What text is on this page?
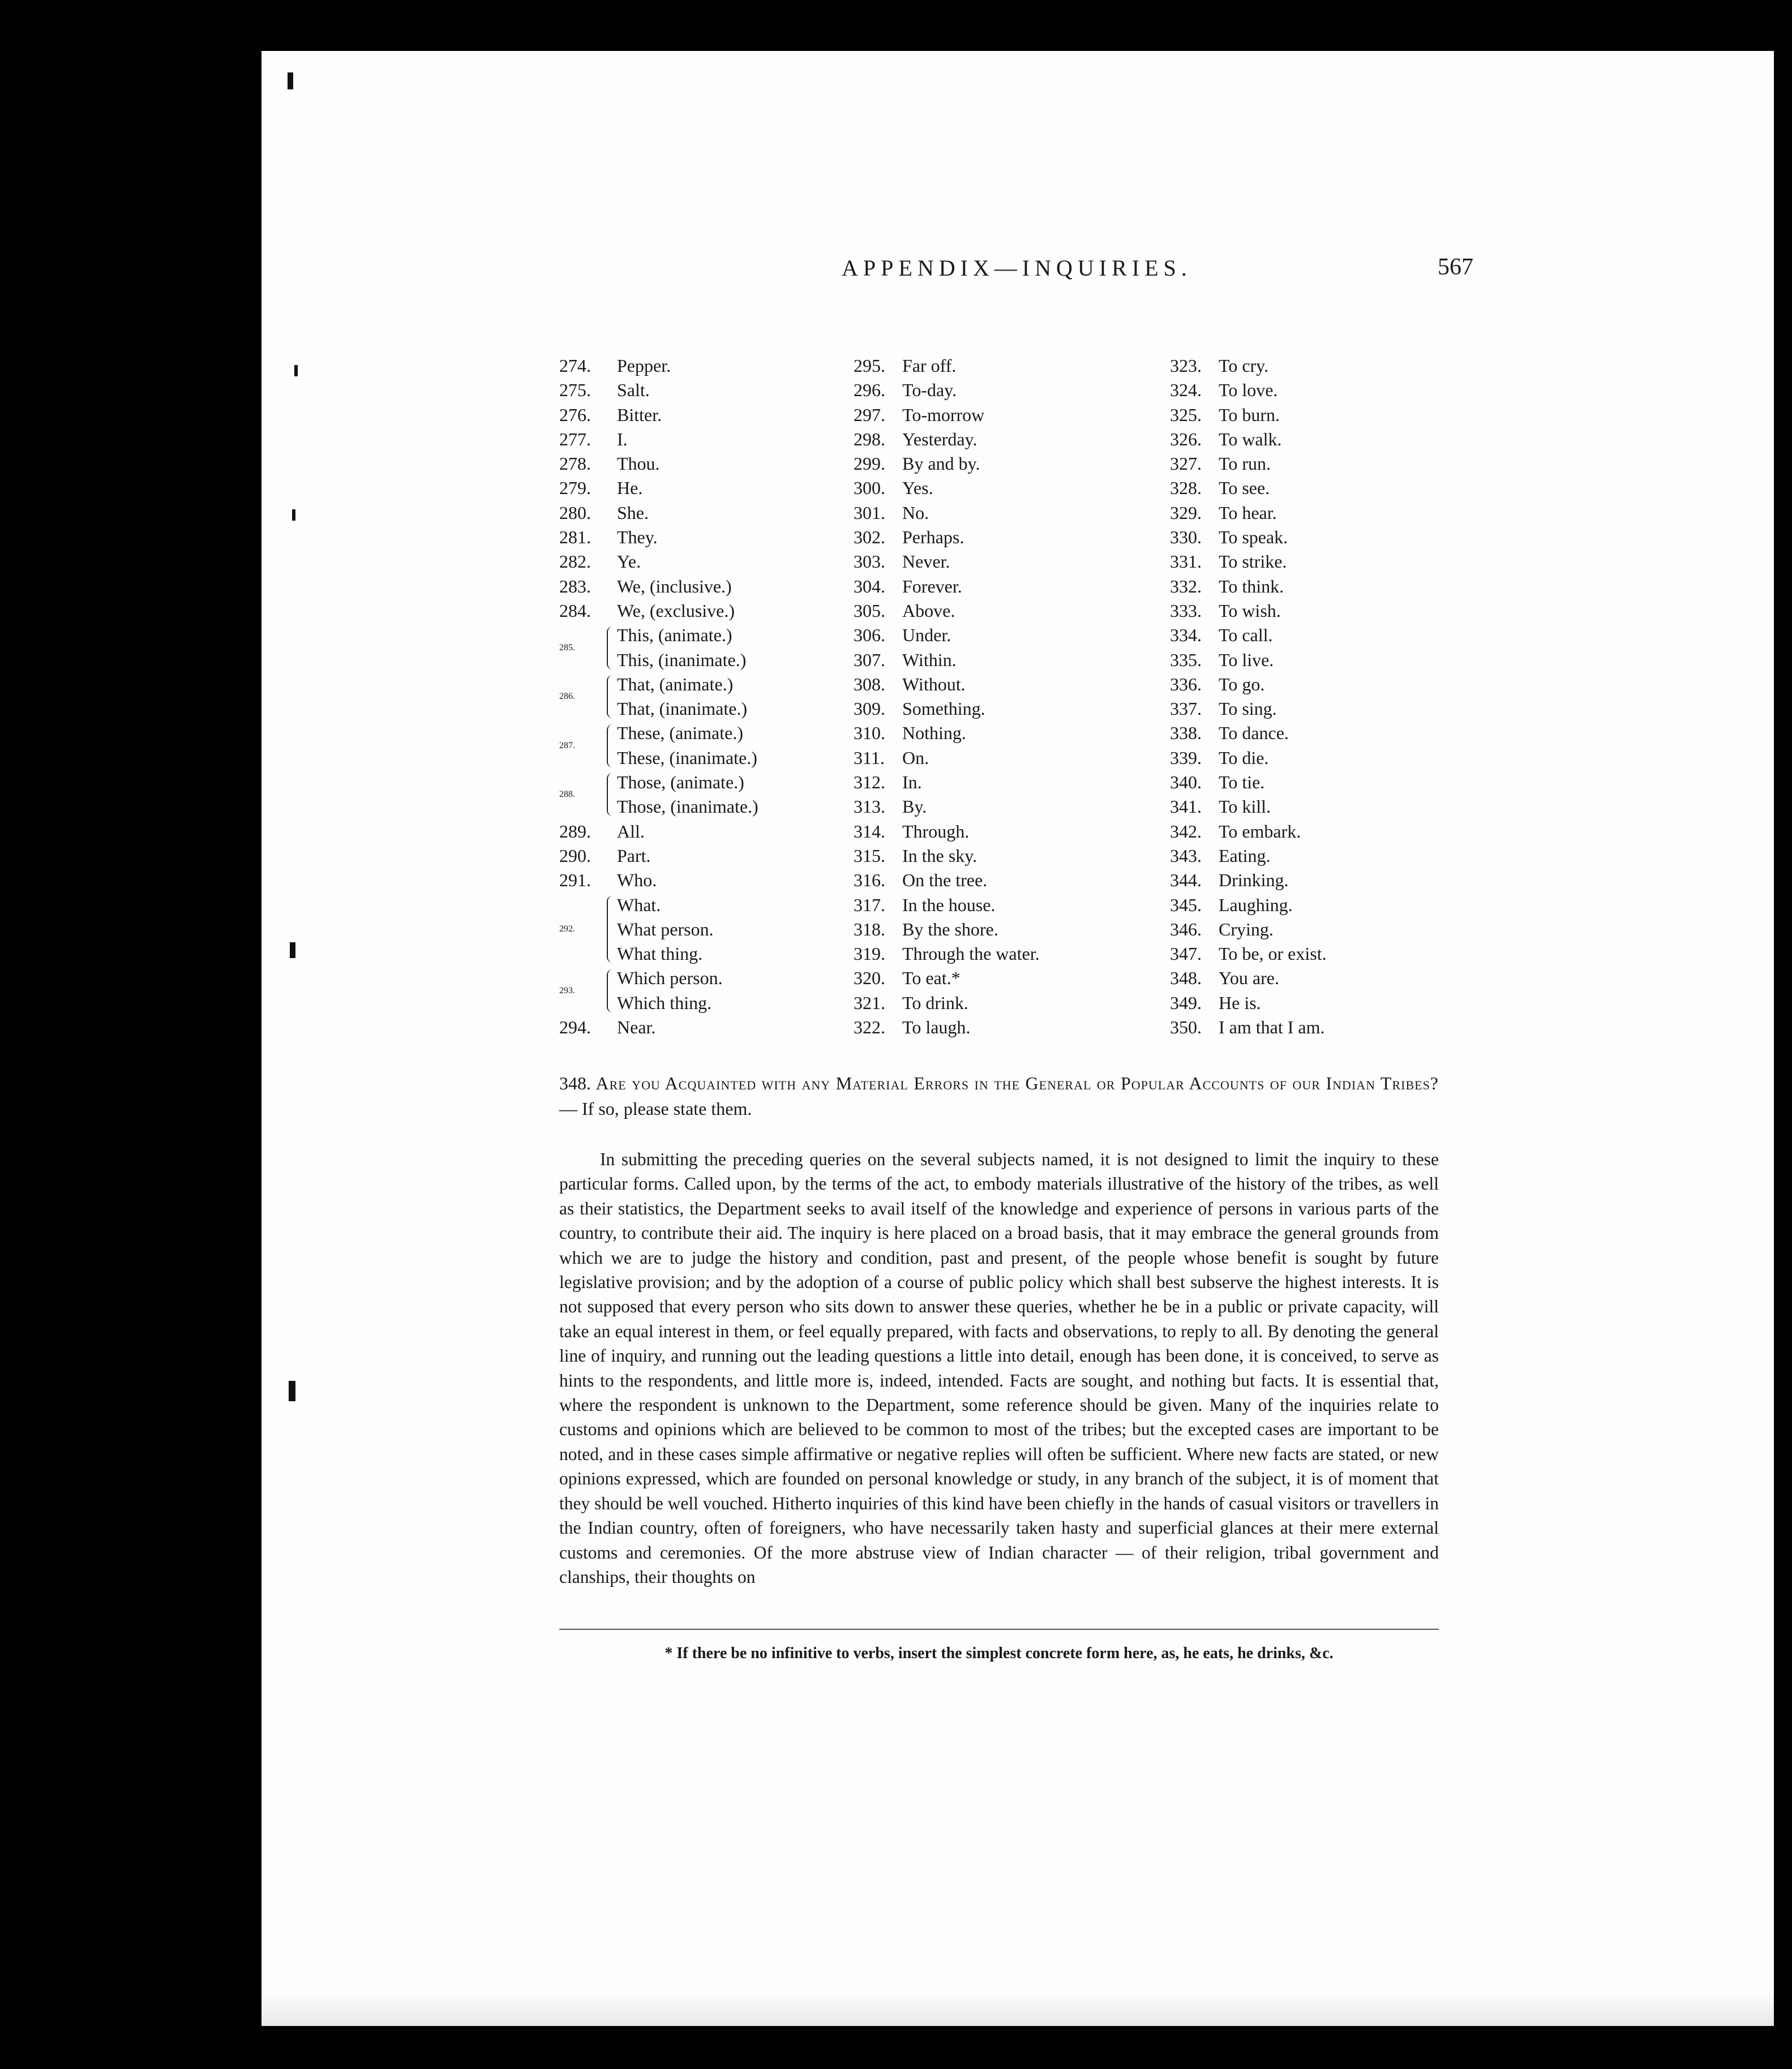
APPENDIX—INQUIRIES.	567
274.	Pepper.
275.	Salt.
276.	Bitter.
277.	I.
278.	Thou.
279.	He.
280.	She.
281.	They.
282.	Ye.
283.	We, (inclusive.)
284.	We, (exclusive.)
285.
This, (animate.)
This, (inanimate.)
286.
That, (animate.)
That, (inanimate.)
287.
These, (animate.)
These, (inanimate.)
288.
Those, (animate.)
Those, (inanimate.)
289.	All.
290.	Part.
291.	Who.
292.
What.
What person.
What thing.
293.
Which person.
Which thing.
294.	Near.
295. Far off.
296. To-day.
297. To-morrow
298. Yesterday.
299. By and by.
300. Yes.
301. No.
302. Perhaps.
303. Never.
304. Forever.
305. Above.
306. Under.
307. Within.
308. Without.
309. Something.
310. Nothing.
311. On.
312. In.
313. By.
314. Through.
315. In the sky.
316. On the tree.
317. In the house.
318. By the shore.
319. Through the water.
320. To eat.*
321. To drink.
322. To laugh.
323. To cry.
324. To love.
325. To burn.
326. To walk.
327. To run.
328. To see.
329. To hear.
330. To speak.
331. To strike.
332. To think.
333. To wish.
334. To call.
335. To live.
336. To go.
337. To sing.
338. To dance.
339. To die.
340. To tie.
341. To kill.
342. To embark.
343. Eating.
344. Drinking.
345. Laughing.
346. Crying.
347. To be, or exist.
348. You are.
349. He is.
350. I am that I am.
348. Are you Acquainted with any Material Errors in the General or Popular Accounts of our Indian Tribes? — If so, please state them.
In submitting the preceding queries on the several subjects named, it is not designed to limit the inquiry to these particular forms. Called upon, by the terms of the act, to embody materials illustrative of the history of the tribes, as well as their statistics, the Department seeks to avail itself of the knowledge and experience of persons in various parts of the country, to contribute their aid. The inquiry is here placed on a broad basis, that it may embrace the general grounds from which we are to judge the history and condition, past and present, of the people whose benefit is sought by future legislative provision; and by the adoption of a course of public policy which shall best subserve the highest interests. It is not supposed that every person who sits down to answer these queries, whether he be in a public or private capacity, will take an equal interest in them, or feel equally prepared, with facts and observations, to reply to all. By denoting the general line of inquiry, and running out the leading questions a little into detail, enough has been done, it is conceived, to serve as hints to the respondents, and little more is, indeed, intended. Facts are sought, and nothing but facts. It is essential that, where the respondent is unknown to the Department, some reference should be given. Many of the inquiries relate to customs and opinions which are believed to be common to most of the tribes; but the excepted cases are important to be noted, and in these cases simple affirmative or negative replies will often be sufficient. Where new facts are stated, or new opinions expressed, which are founded on personal knowledge or study, in any branch of the subject, it is of moment that they should be well vouched. Hitherto inquiries of this kind have been chiefly in the hands of casual visitors or travellers in the Indian country, often of foreigners, who have necessarily taken hasty and superficial glances at their mere external customs and ceremonies. Of the more abstruse view of Indian character — of their religion, tribal government and clanships, their thoughts on
* If there be no infinitive to verbs, insert the simplest concrete form here, as, he eats, he drinks, &c.
